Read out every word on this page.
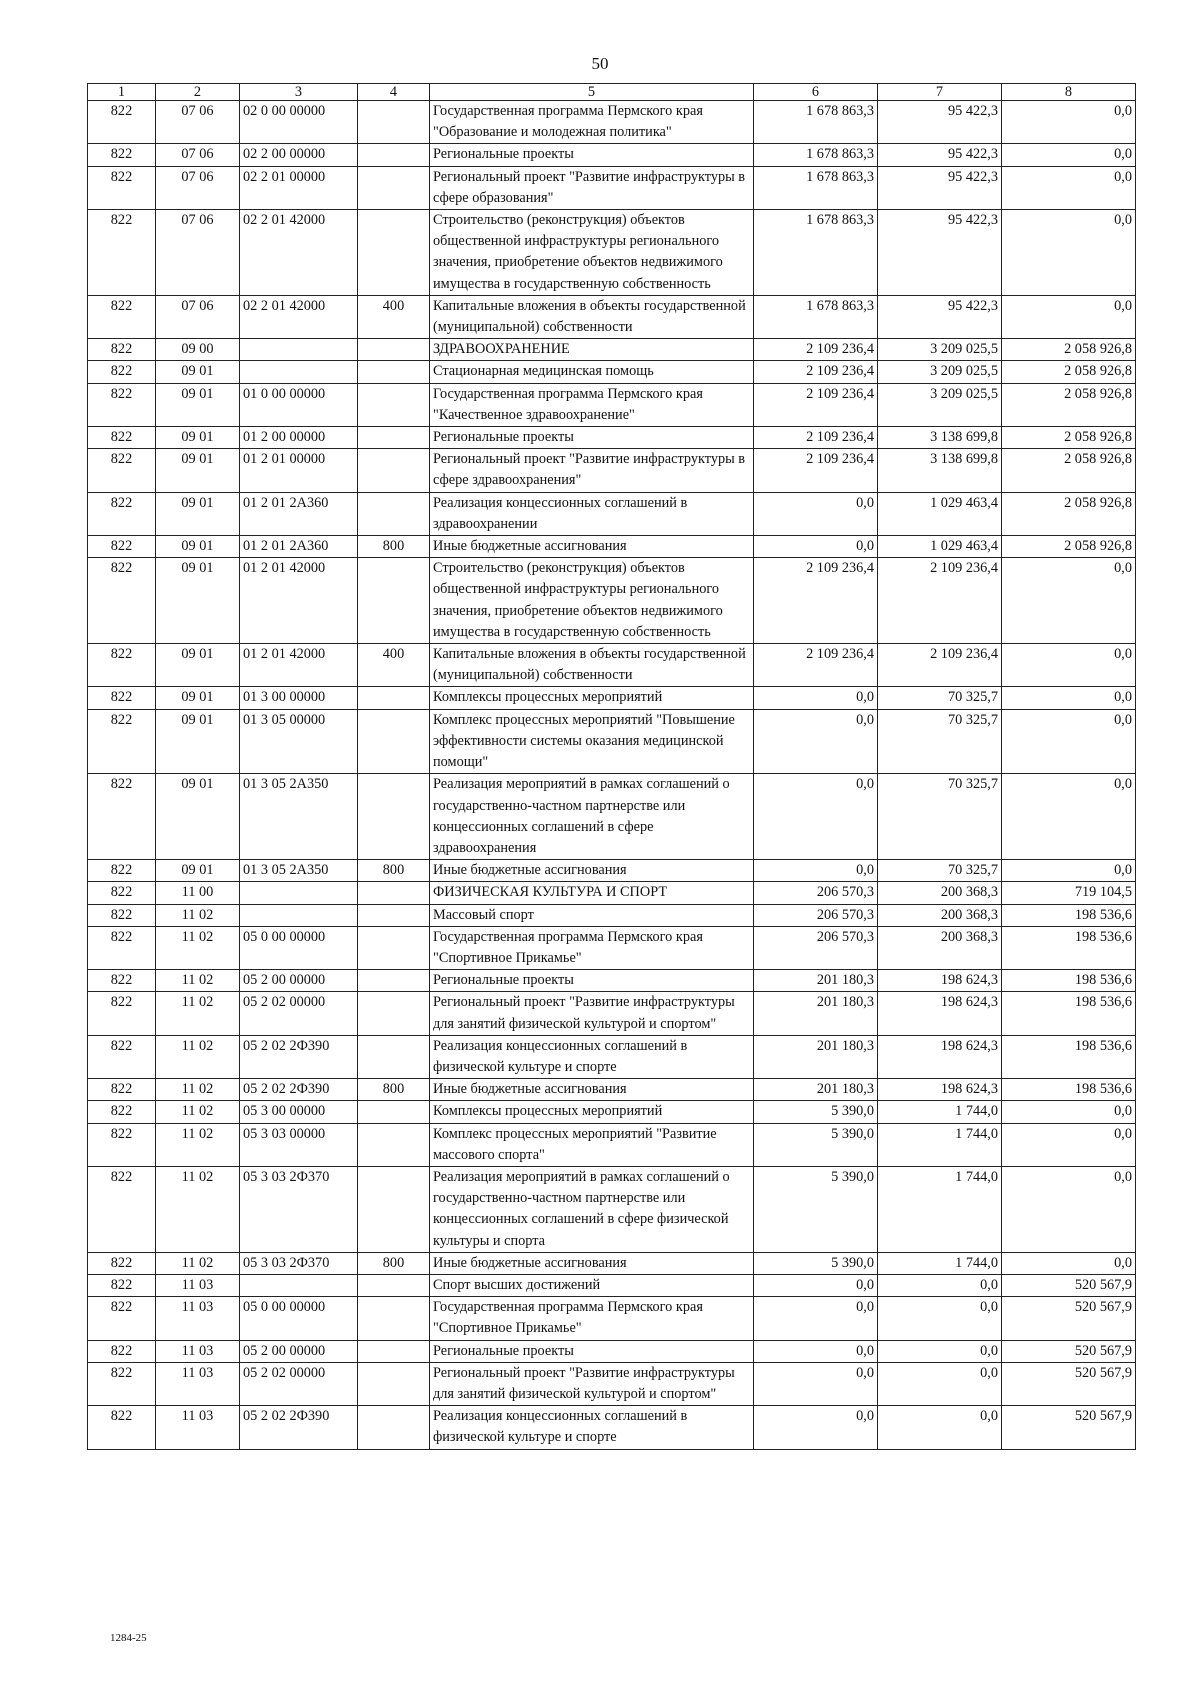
50
1	2	3	4	5	6	7	8
822	07 06	02 0 00 00000		Государственная программа Пермского края "Образование и молодежная политика"	1 678 863,3	95 422,3	0,0
822	07 06	02 2 00 00000		Региональные проекты	1 678 863,3	95 422,3	0,0
822	07 06	02 2 01 00000		Региональный проект "Развитие инфраструктуры в сфере образования"	1 678 863,3	95 422,3	0,0
822	07 06	02 2 01 42000		Строительство (реконструкция) объектов общественной инфраструктуры регионального значения, приобретение объектов недвижимого имущества в государственную собственность	1 678 863,3	95 422,3	0,0
822	07 06	02 2 01 42000	400	Капитальные вложения в объекты государственной (муниципальной) собственности	1 678 863,3	95 422,3	0,0
822	09 00			ЗДРАВООХРАНЕНИЕ	2 109 236,4	3 209 025,5	2 058 926,8
822	09 01			Стационарная медицинская помощь	2 109 236,4	3 209 025,5	2 058 926,8
822	09 01	01 0 00 00000		Государственная программа Пермского края "Качественное здравоохранение"	2 109 236,4	3 209 025,5	2 058 926,8
822	09 01	01 2 00 00000		Региональные проекты	2 109 236,4	3 138 699,8	2 058 926,8
822	09 01	01 2 01 00000		Региональный проект "Развитие инфраструктуры в сфере здравоохранения"	2 109 236,4	3 138 699,8	2 058 926,8
822	09 01	01 2 01 2А360		Реализация концессионных соглашений в здравоохранении	0,0	1 029 463,4	2 058 926,8
822	09 01	01 2 01 2А360	800	Иные бюджетные ассигнования	0,0	1 029 463,4	2 058 926,8
822	09 01	01 2 01 42000		Строительство (реконструкция) объектов общественной инфраструктуры регионального значения, приобретение объектов недвижимого имущества в государственную собственность	2 109 236,4	2 109 236,4	0,0
822	09 01	01 2 01 42000	400	Капитальные вложения в объекты государственной (муниципальной) собственности	2 109 236,4	2 109 236,4	0,0
822	09 01	01 3 00 00000		Комплексы процессных мероприятий	0,0	70 325,7	0,0
822	09 01	01 3 05 00000		Комплекс процессных мероприятий "Повышение эффективности системы оказания медицинской помощи"	0,0	70 325,7	0,0
822	09 01	01 3 05 2А350		Реализация мероприятий в рамках соглашений о государственно-частном партнерстве или концессионных соглашений в сфере здравоохранения	0,0	70 325,7	0,0
822	09 01	01 3 05 2А350	800	Иные бюджетные ассигнования	0,0	70 325,7	0,0
822	11 00			ФИЗИЧЕСКАЯ КУЛЬТУРА И СПОРТ	206 570,3	200 368,3	719 104,5
822	11 02			Массовый спорт	206 570,3	200 368,3	198 536,6
822	11 02	05 0 00 00000		Государственная программа Пермского края "Спортивное Прикамье"	206 570,3	200 368,3	198 536,6
822	11 02	05 2 00 00000		Региональные проекты	201 180,3	198 624,3	198 536,6
822	11 02	05 2 02 00000		Региональный проект "Развитие инфраструктуры для занятий физической культурой и спортом"	201 180,3	198 624,3	198 536,6
822	11 02	05 2 02 2Ф390		Реализация концессионных соглашений в физической культуре и спорте	201 180,3	198 624,3	198 536,6
822	11 02	05 2 02 2Ф390	800	Иные бюджетные ассигнования	201 180,3	198 624,3	198 536,6
822	11 02	05 3 00 00000		Комплексы процессных мероприятий	5 390,0	1 744,0	0,0
822	11 02	05 3 03 00000		Комплекс процессных мероприятий "Развитие массового спорта"	5 390,0	1 744,0	0,0
822	11 02	05 3 03 2Ф370		Реализация мероприятий в рамках соглашений о государственно-частном партнерстве или концессионных соглашений в сфере физической культуры и спорта	5 390,0	1 744,0	0,0
822	11 02	05 3 03 2Ф370	800	Иные бюджетные ассигнования	5 390,0	1 744,0	0,0
822	11 03			Спорт высших достижений	0,0	0,0	520 567,9
822	11 03	05 0 00 00000		Государственная программа Пермского края "Спортивное Прикамье"	0,0	0,0	520 567,9
822	11 03	05 2 00 00000		Региональные проекты	0,0	0,0	520 567,9
822	11 03	05 2 02 00000		Региональный проект "Развитие инфраструктуры для занятий физической культурой и спортом"	0,0	0,0	520 567,9
822	11 03	05 2 02 2Ф390		Реализация концессионных соглашений в физической культуре и спорте	0,0	0,0	520 567,9
1284-25
